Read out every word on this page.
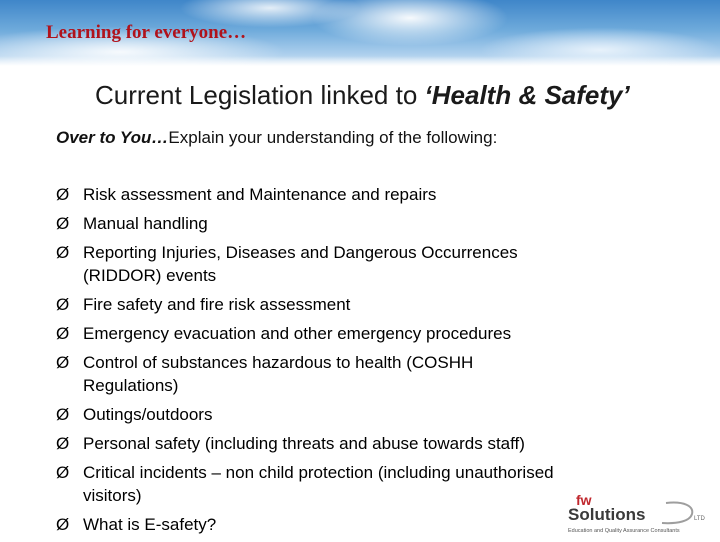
Learning for everyone…
Current Legislation linked to ‘Health & Safety’
Over to You…Explain your understanding of the following:
Ø Risk assessment and Maintenance and repairs
Ø Manual handling
Ø Reporting Injuries, Diseases and Dangerous Occurrences
(RIDDOR) events
Ø Fire safety and fire risk assessment
Ø Emergency evacuation and other emergency procedures
Ø Control of substances hazardous to health (COSHH
Regulations)
Ø Outings/outdoors
Ø Personal safety (including threats and abuse towards staff)
Ø Critical incidents – non child protection (including unauthorised
visitors)
Ø What is E-safety?
fw
Solutions	LTD
Education and Quality Assurance Consultants
